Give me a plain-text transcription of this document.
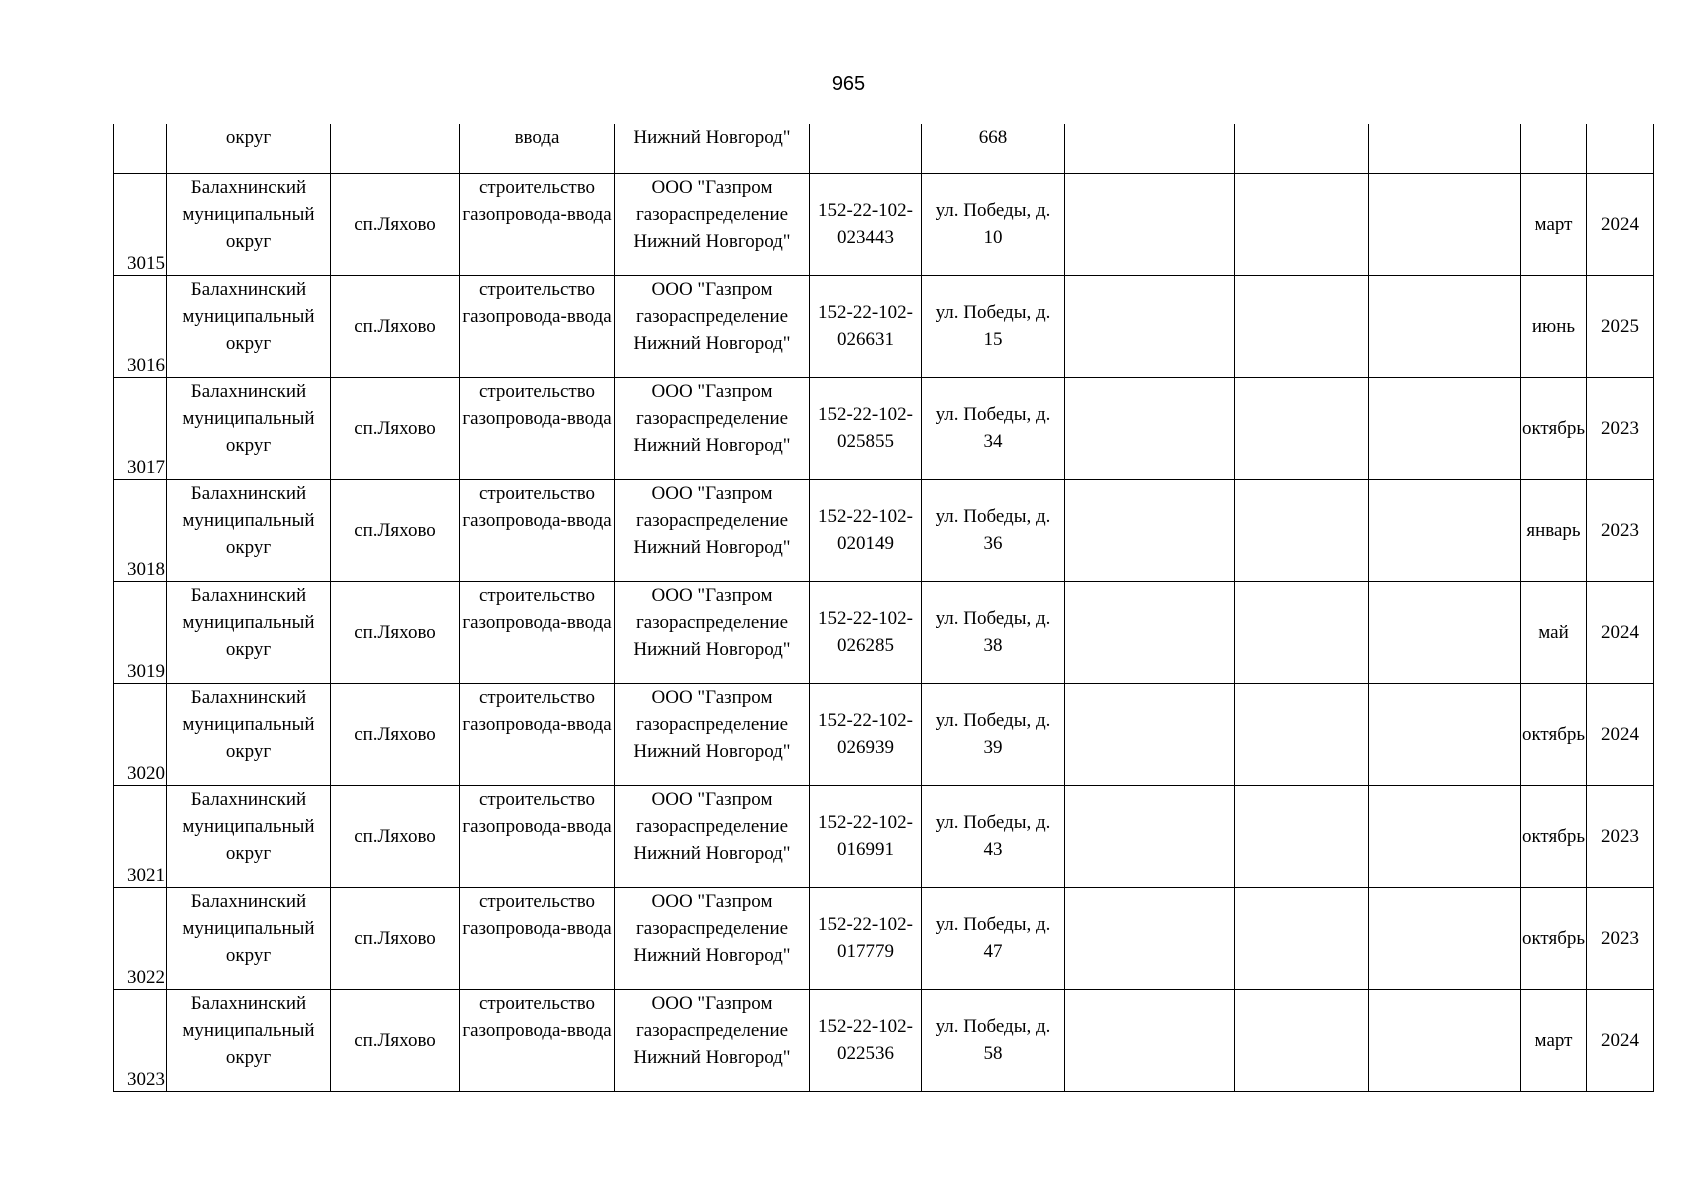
965
	округ		ввода	Нижний Новгород"		668					
3015	Балахнинский муниципальный округ	сп.Ляхово	строительство газопровода-ввода	ООО "Газпром газораспределение Нижний Новгород"	152-22-102-023443	ул. Победы, д. 10				март	2024
3016	Балахнинский муниципальный округ	сп.Ляхово	строительство газопровода-ввода	ООО "Газпром газораспределение Нижний Новгород"	152-22-102-026631	ул. Победы, д. 15				июнь	2025
3017	Балахнинский муниципальный округ	сп.Ляхово	строительство газопровода-ввода	ООО "Газпром газораспределение Нижний Новгород"	152-22-102-025855	ул. Победы, д. 34				октябрь	2023
3018	Балахнинский муниципальный округ	сп.Ляхово	строительство газопровода-ввода	ООО "Газпром газораспределение Нижний Новгород"	152-22-102-020149	ул. Победы, д. 36				январь	2023
3019	Балахнинский муниципальный округ	сп.Ляхово	строительство газопровода-ввода	ООО "Газпром газораспределение Нижний Новгород"	152-22-102-026285	ул. Победы, д. 38				май	2024
3020	Балахнинский муниципальный округ	сп.Ляхово	строительство газопровода-ввода	ООО "Газпром газораспределение Нижний Новгород"	152-22-102-026939	ул. Победы, д. 39				октябрь	2024
3021	Балахнинский муниципальный округ	сп.Ляхово	строительство газопровода-ввода	ООО "Газпром газораспределение Нижний Новгород"	152-22-102-016991	ул. Победы, д. 43				октябрь	2023
3022	Балахнинский муниципальный округ	сп.Ляхово	строительство газопровода-ввода	ООО "Газпром газораспределение Нижний Новгород"	152-22-102-017779	ул. Победы, д. 47				октябрь	2023
3023	Балахнинский муниципальный округ	сп.Ляхово	строительство газопровода-ввода	ООО "Газпром газораспределение Нижний Новгород"	152-22-102-022536	ул. Победы, д. 58				март	2024
